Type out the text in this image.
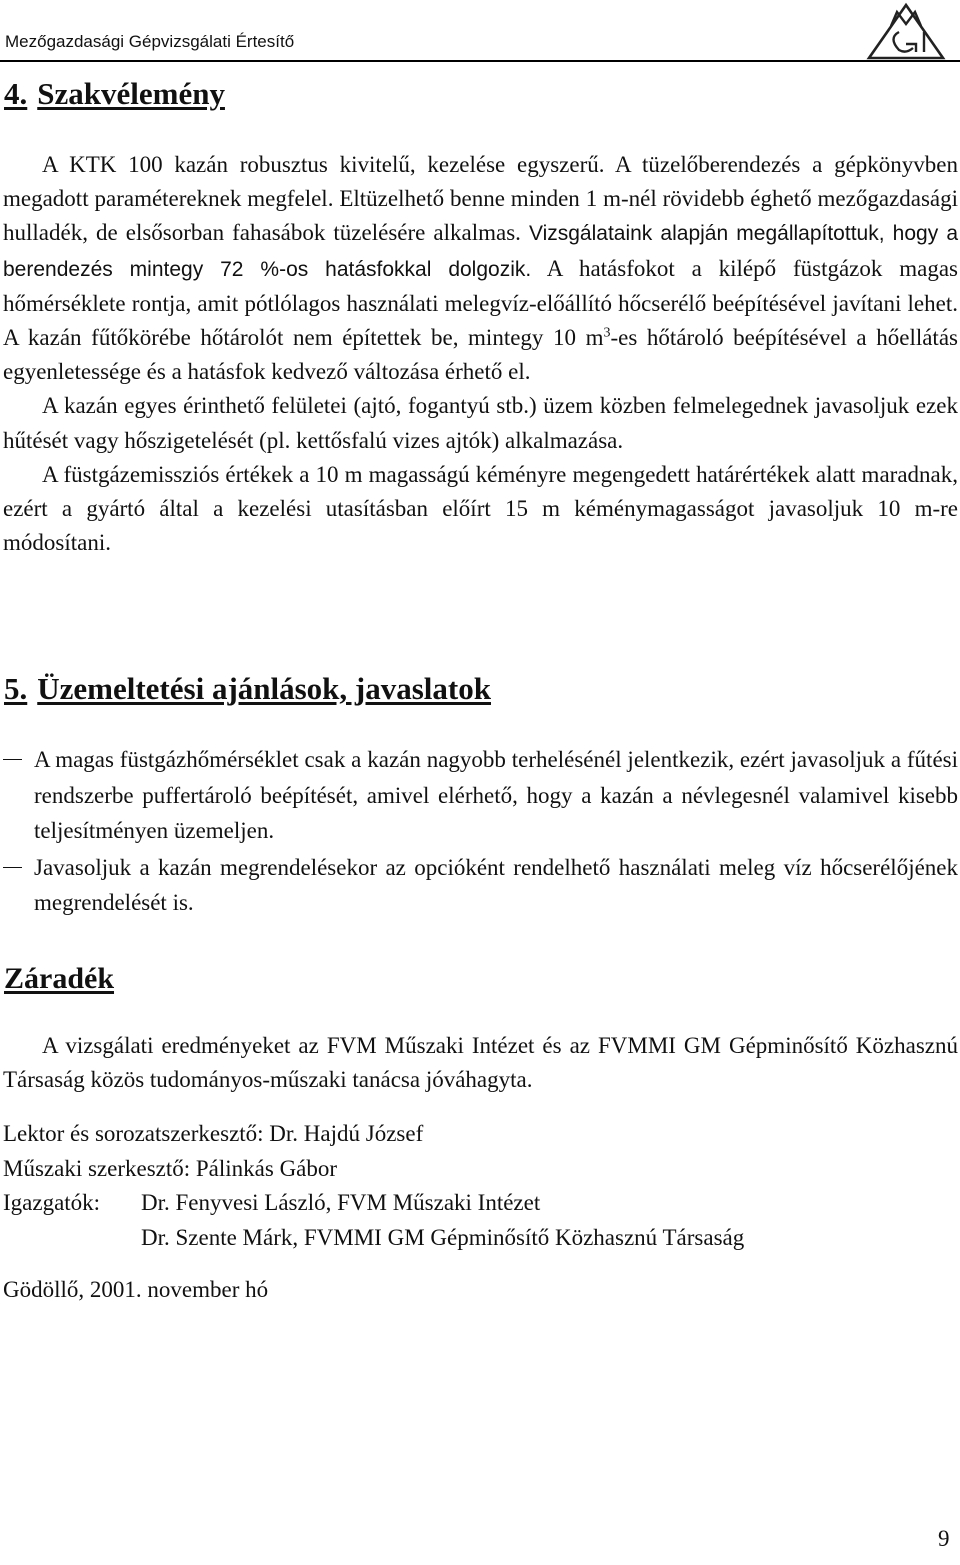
Mezőgazdasági Gépvizsgálati Értesítő
4. Szakvélemény

A KTK 100 kazán robusztus kivitelű, kezelése egyszerű. A tüzelőberendezés a gépkönyvben megadott paramétereknek megfelel. Eltüzelhető benne minden 1 m-nél rövidebb éghető mezőgazdasági hulladék, de elsősorban fahasábok tüzelésére alkalmas. Vizsgálataink alapján megállapítottuk, hogy a berendezés mintegy 72 %-os hatásfokkal dolgozik. A hatásfokot a kilépő füstgázok magas hőmérséklete rontja, amit pótlólagos használati melegvíz-előállító hőcserélő beépítésével javítani lehet. A kazán fűtőkörébe hőtárolót nem építettek be, mintegy 10 $m^3-es$ hőtároló beépítésével a hőellátás egyenletessége és a hatásfok kedvező változása érhető el.

A kazán egyes érinthető felületei (ajtó, fogantyú stb.) üzem közben felmelegednek javasoljuk ezek hűtését vagy hőszigetelését (pl. kettősfalú vizes ajtók) alkalmazása.

A füstgázemissziós értékek a 10 m magasságú kéményre megengedett határértékek alatt maradnak, ezért a gyártó által a kezelési utasításban előírt 15 m kéménymagasságot javasoljuk 10 m-re módosítani.

5. Üzemeltetési ajánlások, javaslatok
A magas füstgázhőmérséklet csak a kazán nagyobb terhelésénél jelentkezik, ezért javasoljuk a fűtési rendszerbe puffertároló beépítését, amivel elérhető, hogy a kazán a névlegesnél valamivel kisebb teljesítményen üzemeljen.
Javasoljuk a kazán megrendelésekor az opcióként rendelhető használati meleg víz hőcserélőjének megrendelését is.
Záradék

A vizsgálati eredményeket az FVM Műszaki Intézet és az FVMMI GM Gépminősítő Közhasznú Társaság közös tudományos-műszaki tanácsa jóváhagyta.

Lektor és sorozatszerkesztő: Dr. Hajdú József
Műszaki szerkesztő: Pálinkás Gábor
Igazgatók:	Dr. Fenyvesi László, FVM Műszaki Intézet
Dr. Szente Márk, FVMMI GM Gépminősítő Közhasznú Társaság
Gödöllő, 2001. november hó
9
